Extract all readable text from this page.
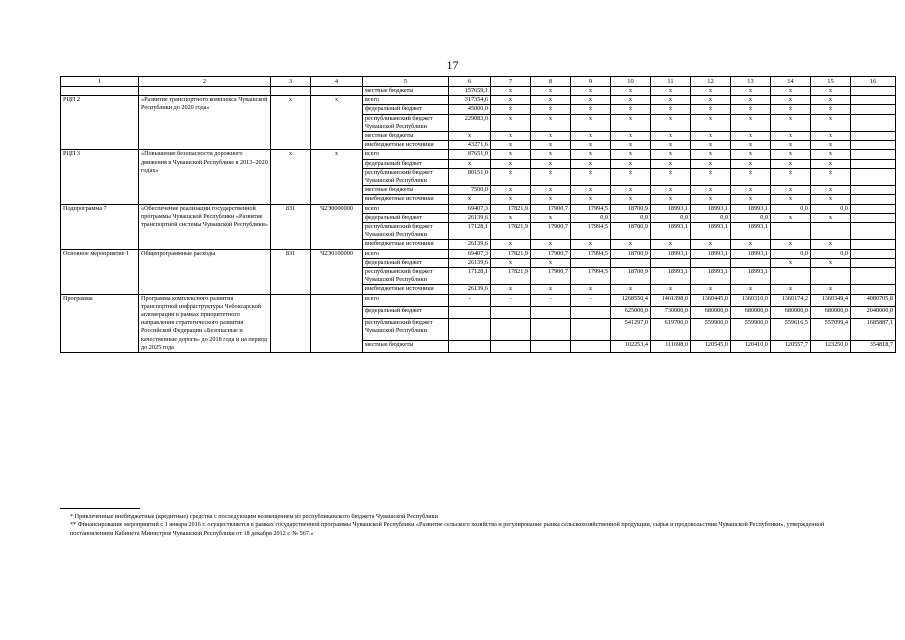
17
1	2	3	4	5	6	7	8	9	10	11	12	13	14	15	16
				местные бюджеты	157659,1	x	x	x	x	x	x	x	x	x	
РЦП 2	«Развитие транспортного комплекса Чувашской Республики до 2020 года»	x	x	всего	317354,6	x	x	x	x	x	x	x	x	x	
				федеральный бюджет	45000,0	x	x	x	x	x	x	x	x	x	
				республиканский бюджет Чувашской Республики	229083,0	x	x	x	x	x	x	x	x	x	
				местные бюджеты	x	x	x	x	x	x	x	x	x	x	
				внебюджетные источники	43271,6	x	x	x	x	x	x	x	x	x	
РЦП 3	«Повышение безопасности дорожного движения в Чувашской Республике в 2013–2020 годах»	x	x	всего	87651,0	x	x	x	x	x	x	x	x	x	
				федеральный бюджет	x	x	x	x	x	x	x	x	x	x	
				республиканский бюджет Чувашской Республики	80151,0	x	x	x	x	x	x	x	x	x	
				местные бюджеты	7500,0	x	x	x	x	x	x	x	x	x	
				внебюджетные источники	x	x	x	x	x	x	x	x	x	x	
Подпрограмма 7	«Обеспечение реализации государственной программы Чувашской Республики «Развитие транспортной системы Чувашской Республики»	831	Ч2Э0000000	всего	69407,3	17821,9	17900,7	17994,5	18700,9	18993,1	18993,1	18993,1	0,0	0,0	
				федеральный бюджет	26139,6	x	x	0,0	0,0	0,0	0,0	0,0	x	x	
				республиканский бюджет Чувашской Республики	17128,1	17821,9	17900,7	17994,5	18700,9	18993,1	18993,1	18993,1			
				внебюджетные источники	26139,6	x	x	x	x	x	x	x	x	x	
Основное мероприятие 1	Общепрограммные расходы	831	Ч2Э0100000	всего	69407,3	17821,9	17900,7	17994,5	18700,9	18993,1	18993,1	18993,1	0,0	0,0	
				федеральный бюджет	26139,6	x	x						x	x	
				республиканский бюджет Чувашской Республики	17128,1	17821,9	17900,7	17994,5	18700,9	18993,1	18993,1	18993,1			
				внебюджетные источники	26139,6	x	x	x	x	x	x	x	x	x	
Программа	Программа комплексного развития транспортной инфраструктуры Чебоксарской агломерации в рамках приоритетного направления стратегического развития Российской Федерации «Безопасные и качественные дороги» до 2018 года и на период до 2025 года			всего	-	-	-	-	1268550,4	1461398,0	1360445,0	1360310,0	1360174,2	1360349,4	4080705,8
				федеральный бюджет					625000,0	730000,0	680000,0	680000,0	680000,0	680000,0	2040000,0
				республиканский бюджет Чувашской Республики					541297,0	619700,0	559900,0	559900,0	559616,5	557099,4	1685887,1
				местные бюджеты					102253,4	111698,0	120545,0	120410,0	120557,7	123250,0	354818,7
* Привлеченные внебюджетные (кредитные) средства с последующим возмещением из республиканского бюджета Чувашской Республики
** Финансирование мероприятий с 1 января 2016 г. осуществляется в рамках государственной программы Чувашской Республики «Развитие сельского хозяйства и регулирование рынка сельскохозяйственной продукции, сырья и продовольствия Чувашской Республики», утвержденной постановлением Кабинета Министров Чувашской Республики от 18 декабря 2012 г. № 567.»
